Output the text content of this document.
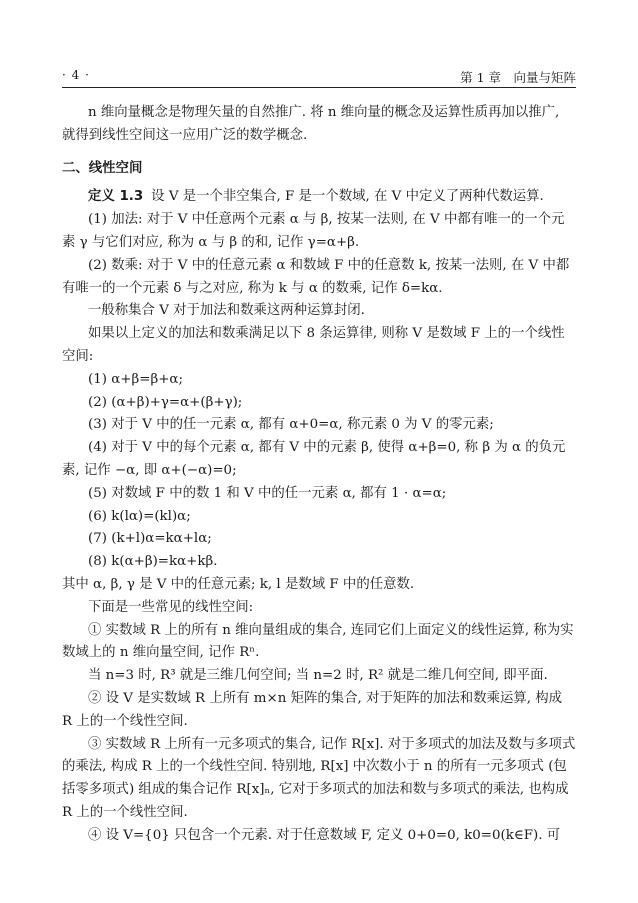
· 4 ·	第 1 章　向量与矩阵

n 维向量概念是物理矢量的自然推广. 将 n 维向量的概念及运算性质再加以推广, 就得到线性空间这一应用广泛的数学概念.

二、线性空间

定义 1.3 设 V 是一个非空集合, F 是一个数域, 在 V 中定义了两种代数运算.

(1) 加法: 对于 V 中任意两个元素 α 与 β, 按某一法则, 在 V 中都有唯一的一个元素 γ 与它们对应, 称为 α 与 β 的和, 记作 γ=α+β.

(2) 数乘: 对于 V 中的任意元素 α 和数域 F 中的任意数 k, 按某一法则, 在 V 中都有唯一的一个元素 δ 与之对应, 称为 k 与 α 的数乘, 记作 δ=kα.

一般称集合 V 对于加法和数乘这两种运算封闭.

如果以上定义的加法和数乘满足以下 8 条运算律, 则称 V 是数域 F 上的一个线性空间:

(1) α+β=β+α;

(2) (α+β)+γ=α+(β+γ);

(3) 对于 V 中的任一元素 α, 都有 α+0=α, 称元素 0 为 V 的零元素;

(4) 对于 V 中的每个元素 α, 都有 V 中的元素 β, 使得 α+β=0, 称 β 为 α 的负元素, 记作 −α, 即 α+(−α)=0;

(5) 对数域 F 中的数 1 和 V 中的任一元素 α, 都有 1 · α=α;

(6) k(lα)=(kl)α;

(7) (k+l)α=kα+lα;

(8) k(α+β)=kα+kβ.

其中 α, β, γ 是 V 中的任意元素; k, l 是数域 F 中的任意数.

下面是一些常见的线性空间:

① 实数域 R 上的所有 n 维向量组成的集合, 连同它们上面定义的线性运算, 称为实数域上的 n 维向量空间, 记作 Rⁿ.

当 n=3 时, R³ 就是三维几何空间; 当 n=2 时, R² 就是二维几何空间, 即平面.

② 设 V 是实数域 R 上所有 m×n 矩阵的集合, 对于矩阵的加法和数乘运算, 构成 R 上的一个线性空间.

③ 实数域 R 上所有一元多项式的集合, 记作 R[x]. 对于多项式的加法及数与多项式的乘法, 构成 R 上的一个线性空间. 特别地, R[x] 中次数小于 n 的所有一元多项式 (包括零多项式) 组成的集合记作 R[x]ₙ, 它对于多项式的加法和数与多项式的乘法, 也构成 R 上的一个线性空间.

④ 设 V={0} 只包含一个元素. 对于任意数域 F, 定义 0+0=0, k0=0(k∈F). 可
